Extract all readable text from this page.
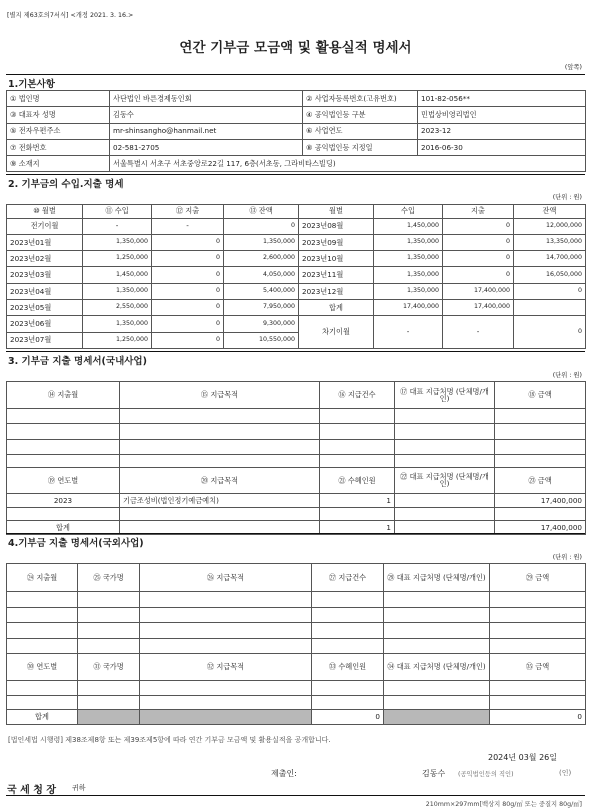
[별지 제63호의7서식] <개정 2021. 3. 16.>
연간 기부금 모금액 및 활용실적 명세서
(앞쪽)
1.기본사항
① 법인명	사단법인 바른경제동인회	② 사업자등록번호(고유번호)	101-82-056**
③ 대표자 성명	김동수	④ 공익법인등 구분	민법상비영리법인
⑤ 전자우편주소	mr-shinsangho@hanmail.net	⑥ 사업연도	2023-12
⑦ 전화번호	02-581-2705	⑧ 공익법인등 지정일	2016-06-30
⑨ 소재지	서울특별시 서초구 서초중앙로22길 117, 6층(서초동, 그라비타스빌딩)		
2. 기부금의 수입.지출 명세
(단위 : 원)
⑩ 월별	⑪ 수입	⑫ 지출	⑬ 잔액	월별	수입	지출	잔액
전기이월	-	-	0	2023년08월	1,450,000	0	12,000,000
2023년01월	1,350,000	0	1,350,000	2023년09월	1,350,000	0	13,350,000
2023년02월	1,250,000	0	2,600,000	2023년10월	1,350,000	0	14,700,000
2023년03월	1,450,000	0	4,050,000	2023년11월	1,350,000	0	16,050,000
2023년04월	1,350,000	0	5,400,000	2023년12월	1,350,000	17,400,000	0
2023년05월	2,550,000	0	7,950,000	합계	17,400,000	17,400,000	
2023년06월	1,350,000	0	9,300,000	차기이월	-	-	0
2023년07월	1,250,000	0	10,550,000				
3. 기부금 지출 명세서(국내사업)
(단위 : 원)
⑭ 지출월	⑮ 지급목적	⑯ 지급건수	⑰ 대표 지급처명 (단체명/개인)	⑱ 금액

⑲ 연도별	⑳ 지급목적	㉑ 수혜인원	㉒ 대표 지급처명 (단체명/개인)	㉓ 금액
2023	기금조성비(법인정기예금예치)	1		17,400,000

합계		1		17,400,000
4.기부금 지출 명세서(국외사업)
(단위 : 원)
㉔ 지출월	㉕ 국가명	㉖ 지급목적	㉗ 지급건수	㉘ 대표 지급처명 (단체명/개인)	㉙ 금액

㉚ 연도별	㉛ 국가명	㉜ 지급목적	㉝ 수혜인원	㉞ 대표 지급처명 (단체명/개인)	㉟ 금액

합계			0		0
[법인세법 시행령] 제38조제8항 또는 제39조제5항에 따라 연간 기부금 모금액 및 활용실적을 공개합니다.
2024년 03월 26일
제출인:	김동수 (공익법인등의 직인)	(인)
국 세 청 장 귀하
210mm×297mm[백상지 80g/㎡ 또는 중질지 80g/㎡]
